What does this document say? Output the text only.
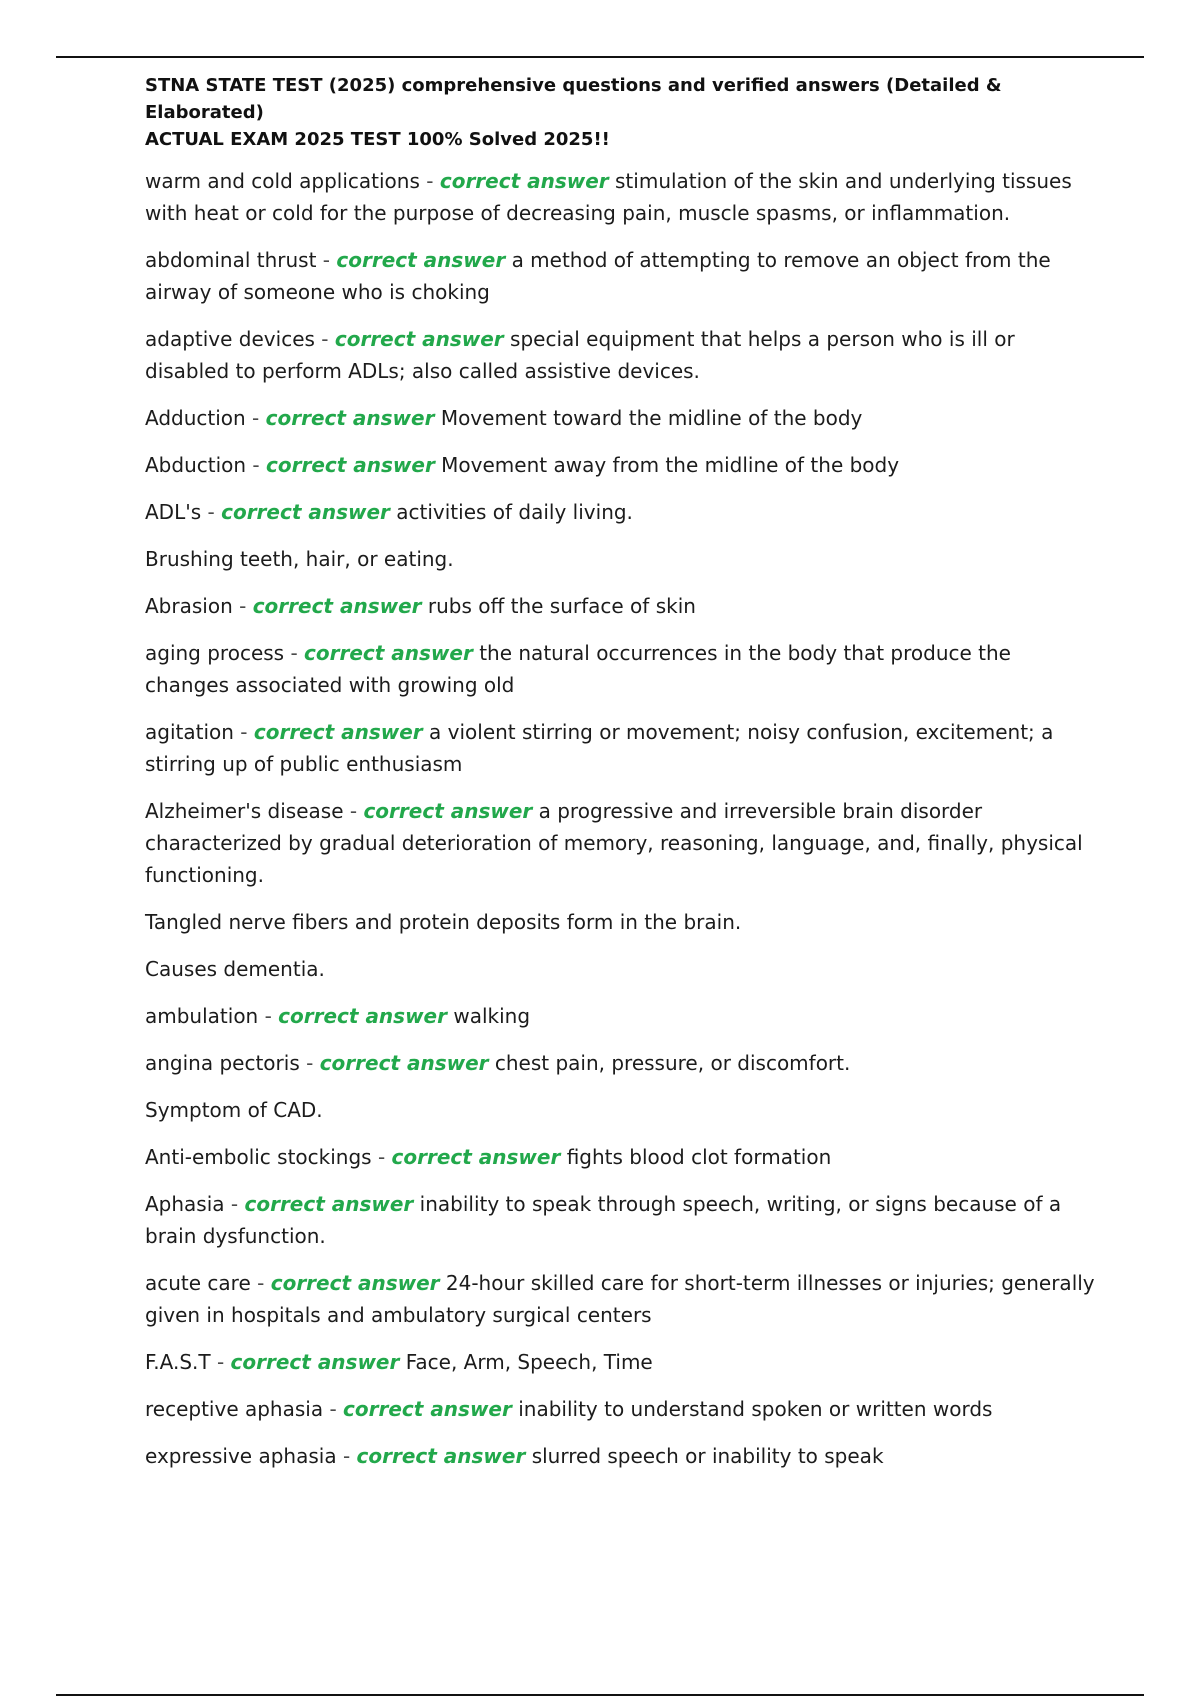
STNA STATE TEST (2025) comprehensive questions and verified answers (Detailed & Elaborated)
ACTUAL EXAM 2025 TEST 100% Solved 2025!!
warm and cold applications - correct answer stimulation of the skin and underlying tissues with heat or cold for the purpose of decreasing pain, muscle spasms, or inflammation.
abdominal thrust - correct answer a method of attempting to remove an object from the airway of someone who is choking
adaptive devices - correct answer special equipment that helps a person who is ill or disabled to perform ADLs; also called assistive devices.
Adduction - correct answer Movement toward the midline of the body
Abduction - correct answer Movement away from the midline of the body
ADL's - correct answer activities of daily living.
Brushing teeth, hair, or eating.
Abrasion - correct answer rubs off the surface of skin
aging process - correct answer the natural occurrences in the body that produce the changes associated with growing old
agitation - correct answer a violent stirring or movement; noisy confusion, excitement; a stirring up of public enthusiasm
Alzheimer's disease - correct answer a progressive and irreversible brain disorder characterized by gradual deterioration of memory, reasoning, language, and, finally, physical functioning.
Tangled nerve fibers and protein deposits form in the brain.
Causes dementia.
ambulation - correct answer walking
angina pectoris - correct answer chest pain, pressure, or discomfort.
Symptom of CAD.
Anti-embolic stockings - correct answer fights blood clot formation
Aphasia - correct answer inability to speak through speech, writing, or signs because of a brain dysfunction.
acute care - correct answer 24-hour skilled care for short-term illnesses or injuries; generally given in hospitals and ambulatory surgical centers
F.A.S.T - correct answer Face, Arm, Speech, Time
receptive aphasia - correct answer inability to understand spoken or written words
expressive aphasia - correct answer slurred speech or inability to speak
